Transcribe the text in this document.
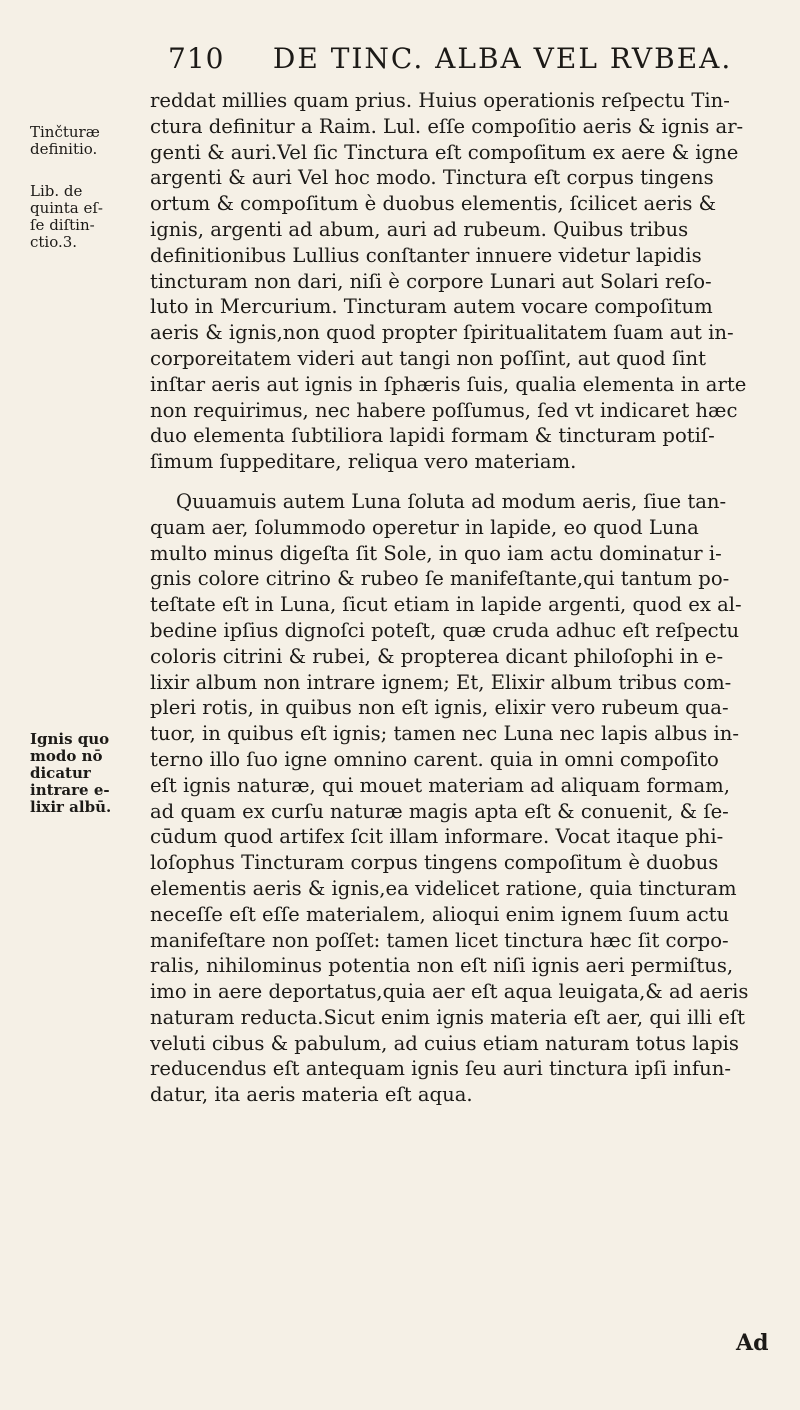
710 DE TINC. ALBA VEL RVBEA.
Tinčturæ
definitio.
Lib. de
quinta eſ-
ſe diſtin-
ctio.3.
Ignis quo
modo nō
dicatur
intrare e-
lixir albū.
reddat millies quam prius. Huius operationis reſpectu Tin-
ctura definitur a Raim. Lul. eſſe compoſitio aeris & ignis ar-
genti & auri.Vel ſic Tinctura eſt compoſitum ex aere & igne
argenti & auri Vel hoc modo. Tinctura eſt corpus tingens
ortum & compoſitum è duobus elementis, ſcilicet aeris &
ignis, argenti ad abum, auri ad rubeum. Quibus tribus
definitionibus Lullius conſtanter innuere videtur lapidis
tincturam non dari, niſi è corpore Lunari aut Solari reſo-
luto in Mercurium. Tincturam autem vocare compoſitum
aeris & ignis,non quod propter ſpiritualitatem ſuam aut in-
corporeitatem videri aut tangi non poſſint, aut quod ſint
inſtar aeris aut ignis in ſphæris ſuis, qualia elementa in arte
non requirimus, nec habere poſſumus, ſed vt indicaret hæc
duo elementa ſubtiliora lapidi formam & tincturam potiſ-
ſimum ſuppeditare, reliqua vero materiam.
Quuamuis autem Luna ſoluta ad modum aeris, ſiue tan-
quam aer, ſolummodo operetur in lapide, eo quod Luna
multo minus digeſta ſit Sole, in quo iam actu dominatur i-
gnis colore citrino & rubeo ſe manifeſtante,qui tantum po-
teſtate eſt in Luna, ſicut etiam in lapide argenti, quod ex al-
bedine ipſius dignoſci poteſt, quæ cruda adhuc eſt reſpectu
coloris citrini & rubei, & propterea dicant philoſophi in e-
lixir album non intrare ignem; Et, Elixir album tribus com-
pleri rotis, in quibus non eſt ignis, elixir vero rubeum qua-
tuor, in quibus eſt ignis; tamen nec Luna nec lapis albus in-
terno illo ſuo igne omnino carent. quia in omni compoſito
eſt ignis naturæ, qui mouet materiam ad aliquam formam,
ad quam ex curſu naturæ magis apta eſt & conuenit, & ſe-
cūdum quod artifex ſcit illam informare. Vocat itaque phi-
loſophus Tincturam corpus tingens compoſitum è duobus
elementis aeris & ignis,ea videlicet ratione, quia tincturam
neceſſe eſt eſſe materialem, alioqui enim ignem ſuum actu
manifeſtare non poſſet: tamen licet tinctura hæc ſit corpo-
ralis, nihilominus potentia non eſt niſi ignis aeri permiſtus,
imo in aere deportatus,quia aer eſt aqua leuigata,& ad aeris
naturam reducta.Sicut enim ignis materia eſt aer, qui illi eſt
veluti cibus & pabulum, ad cuius etiam naturam totus lapis
reducendus eſt antequam ignis ſeu auri tinctura ipſi infun-
datur, ita aeris materia eſt aqua.
Ad
